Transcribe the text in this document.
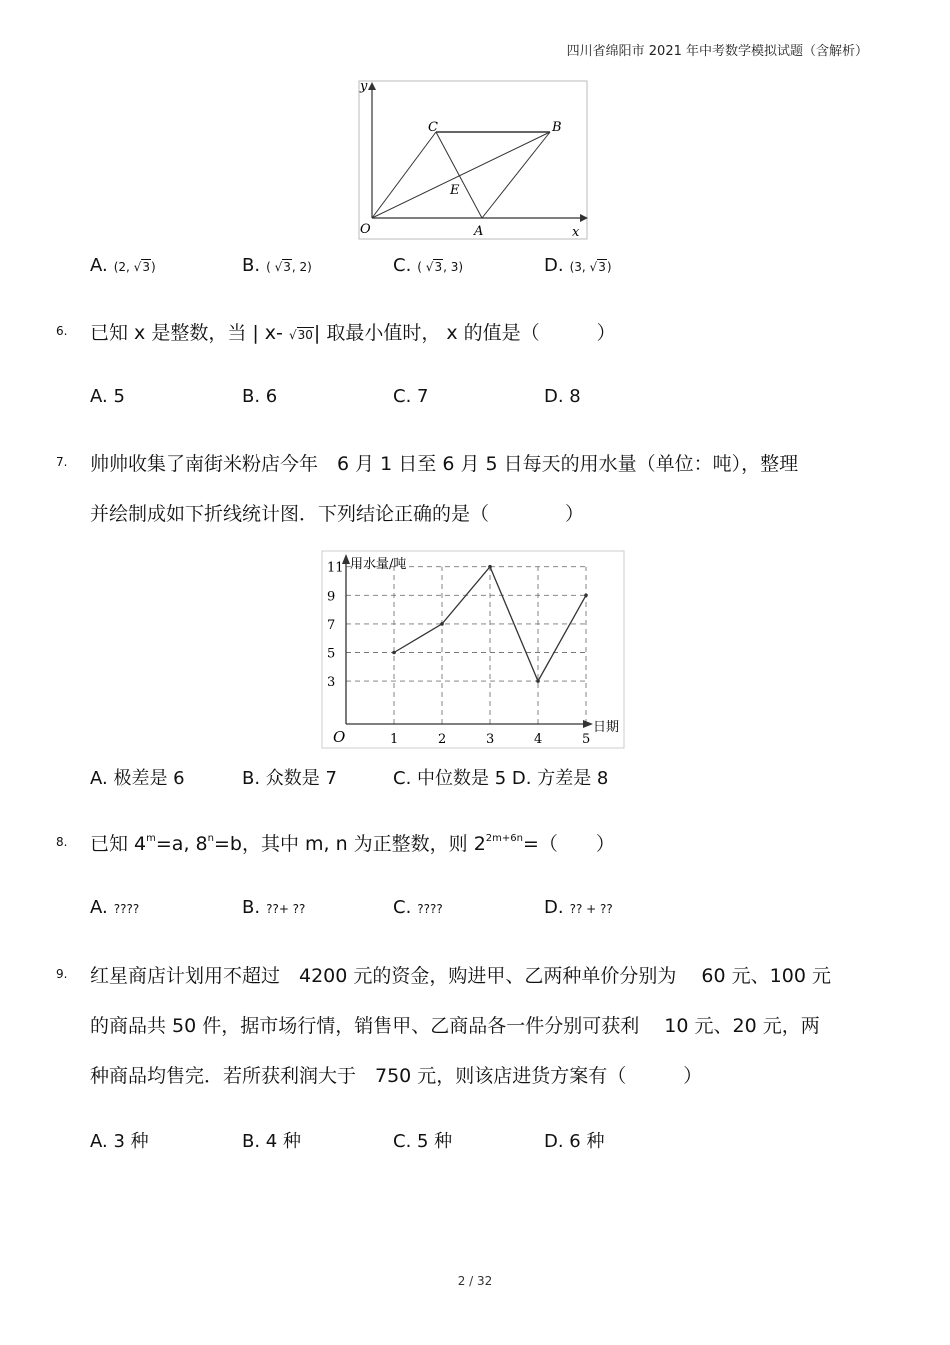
四川省绵阳市 2021 年中考数学模拟试题（含解析）
y
x
O	A
B
C
E
A. (2, √3)	B. ( √3, 2)	C. ( √3, 3)	D. (3, √3)
6. 已知 x 是整数，当 | x- √30| 取最小值时， x 的值是（　　　）
A. 5	B. 6	C. 7	D. 8
7. 帅帅收集了南街米粉店今年　6 月 1 日至 6 月 5 日每天的用水量（单位：吨），整理
并绘制成如下折线统计图．下列结论正确的是（　　　　）
用水量/吨
日期
O
3
5
7
9
11
1	2	3	4	5
A. 极差是 6	B. 众数是 7	C. 中位数是 5 D. 方差是 8
8. 已知 $4^m=a$, $8^n=b$，其中 m, n 为正整数，则 $2^{2m+6n}=$（　　）
A. ????	B. ??+ ??	C. ????	D. ?? + ??
9. 红星商店计划用不超过　4200 元的资金，购进甲、乙两种单价分别为　 60 元、100 元
的商品共 50 件，据市场行情，销售甲、乙商品各一件分别可获利　 10 元、20 元，两
种商品均售完．若所获利润大于　750 元，则该店进货方案有（　　　）
A. 3 种	B. 4 种	C. 5 种	D. 6 种
2 / 32
